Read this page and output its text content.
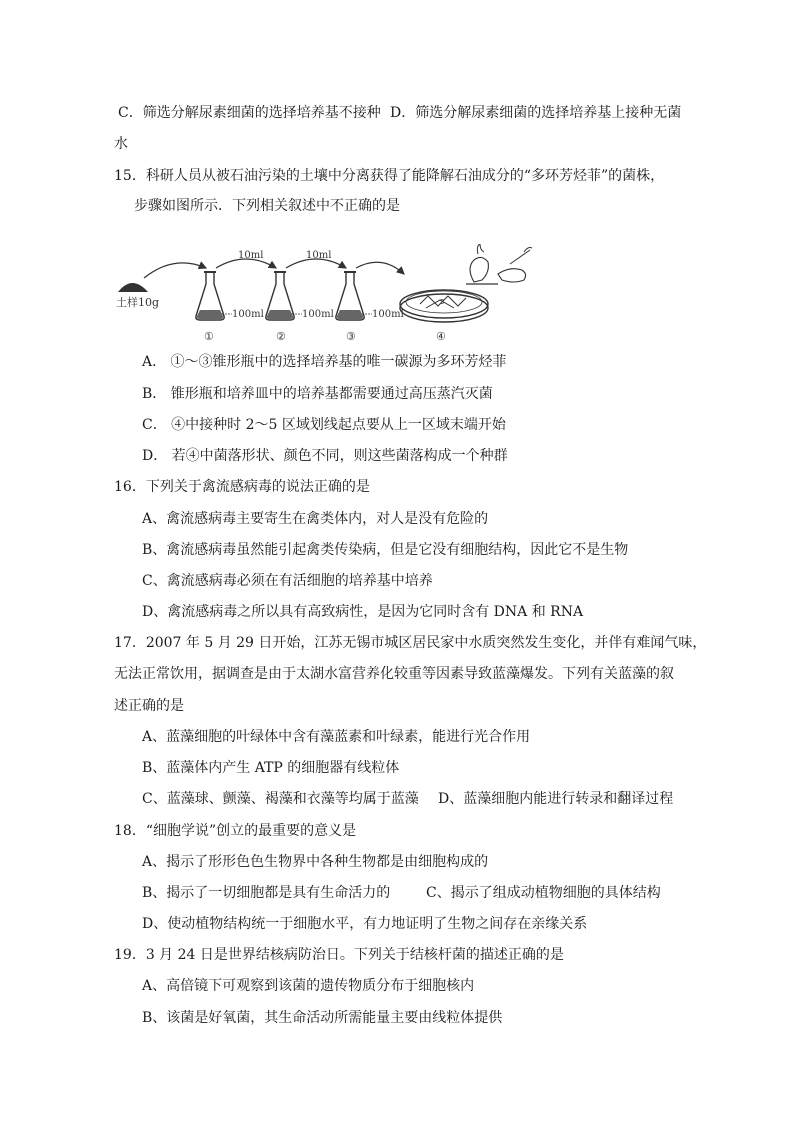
C．筛选分解尿素细菌的选择培养基不接种 D．筛选分解尿素细菌的选择培养基上接种无菌
水
15．科研人员从被石油污染的土壤中分离获得了能降解石油成分的“多环芳烃菲”的菌株，
步骤如图所示．下列相关叙述中不正确的是
土样10g
10ml	10ml
100ml
①
100ml
②
100ml
③
5
④
A． ①～③锥形瓶中的选择培养基的唯一碳源为多环芳烃菲
B． 锥形瓶和培养皿中的培养基都需要通过高压蒸汽灭菌
C． ④中接种时 2～5 区域划线起点要从上一区域末端开始
D． 若④中菌落形状、颜色不同，则这些菌落构成一个种群
16．下列关于禽流感病毒的说法正确的是
A、禽流感病毒主要寄生在禽类体内，对人是没有危险的
B、禽流感病毒虽然能引起禽类传染病，但是它没有细胞结构，因此它不是生物
C、禽流感病毒必须在有活细胞的培养基中培养
D、禽流感病毒之所以具有高致病性，是因为它同时含有 DNA 和 RNA
17．2007 年 5 月 29 日开始，江苏无锡市城区居民家中水质突然发生变化，并伴有难闻气味，
无法正常饮用，据调查是由于太湖水富营养化较重等因素导致蓝藻爆发。下列有关蓝藻的叙
述正确的是
A、蓝藻细胞的叶绿体中含有藻蓝素和叶绿素，能进行光合作用
B、蓝藻体内产生 ATP 的细胞器有线粒体
C、蓝藻球、颤藻、褐藻和衣藻等均属于蓝藻 D、蓝藻细胞内能进行转录和翻译过程
18．“细胞学说”创立的最重要的意义是
A、揭示了形形色色生物界中各种生物都是由细胞构成的
B、揭示了一切细胞都是具有生命活力的	C、揭示了组成动植物细胞的具体结构
D、使动植物结构统一于细胞水平，有力地证明了生物之间存在亲缘关系
19．3 月 24 日是世界结核病防治日。下列关于结核杆菌的描述正确的是
A、高倍镜下可观察到该菌的遗传物质分布于细胞核内
B、该菌是好氧菌，其生命活动所需能量主要由线粒体提供
